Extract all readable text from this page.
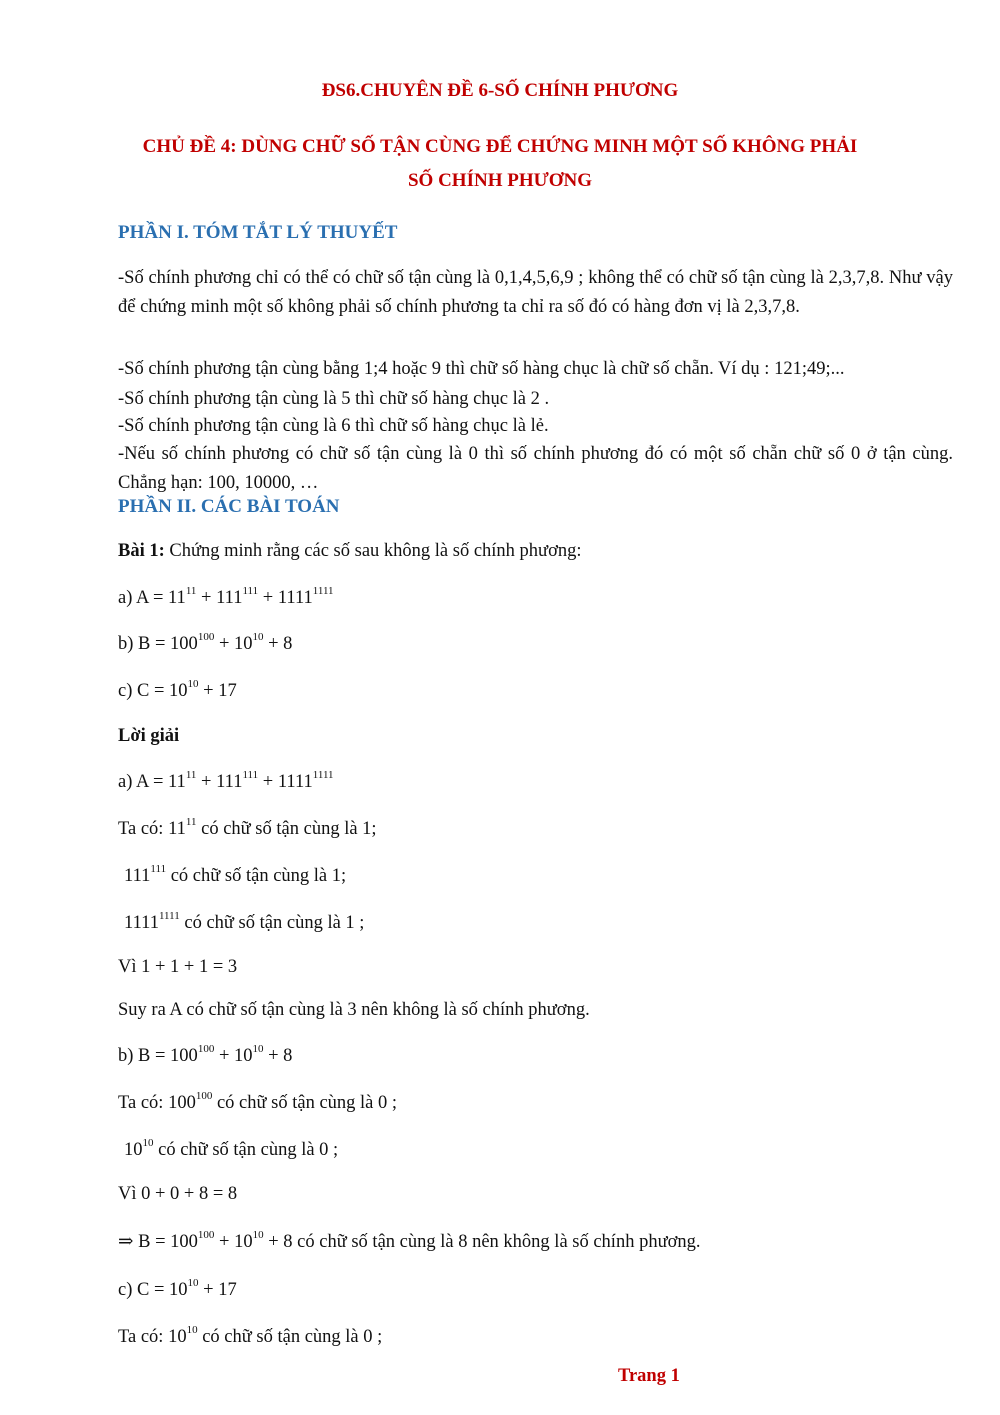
ĐS6.CHUYÊN ĐỀ 6-SỐ CHÍNH PHƯƠNG
CHỦ ĐỀ 4: DÙNG CHỮ SỐ TẬN CÙNG ĐỂ CHỨNG MINH MỘT SỐ KHÔNG PHẢI
SỐ CHÍNH PHƯƠNG
PHẦN I. TÓM TẮT LÝ THUYẾT
-Số chính phương chỉ có thể có chữ số tận cùng là 0,1,4,5,6,9 ; không thể có chữ số tận cùng là 2,3,7,8. Như vậy để chứng minh một số không phải số chính phương ta chỉ ra số đó có hàng đơn vị là 2,3,7,8.
-Số chính phương tận cùng bằng 1;4 hoặc 9 thì chữ số hàng chục là chữ số chẵn. Ví dụ : 121;49;...
-Số chính phương tận cùng là 5 thì chữ số hàng chục là 2 .
-Số chính phương tận cùng là 6 thì chữ số hàng chục là lẻ.
-Nếu số chính phương có chữ số tận cùng là 0 thì số chính phương đó có một số chẵn chữ số 0 ở tận cùng. Chẳng hạn: 100, 10000, …
PHẦN II. CÁC BÀI TOÁN
Bài 1: Chứng minh rằng các số sau không là số chính phương:
a) $A = 11^{11} + 111^{111} + 1111^{1111}$
b) $B = 100^{100} + 10^{10} + 8$
c) $C = 10^{10} + 17$
Lời giải
a) $A = 11^{11} + 111^{111} + 1111^{1111}$
Ta có: $11^{11}$ có chữ số tận cùng là 1;
$111^{111}$ có chữ số tận cùng là 1;
$1111^{1111}$ có chữ số tận cùng là 1 ;
Vì 1 + 1 + 1 = 3
Suy ra A có chữ số tận cùng là 3 nên không là số chính phương.
b) $B = 100^{100} + 10^{10} + 8$
Ta có: $100^{100}$ có chữ số tận cùng là 0 ;
$10^{10}$ có chữ số tận cùng là 0 ;
Vì 0 + 0 + 8 = 8
⇒ $B = 100^{100} + 10^{10} + 8$ có chữ số tận cùng là 8 nên không là số chính phương.
c) $C = 10^{10} + 17$
Ta có: $10^{10}$ có chữ số tận cùng là 0 ;
Trang 1
